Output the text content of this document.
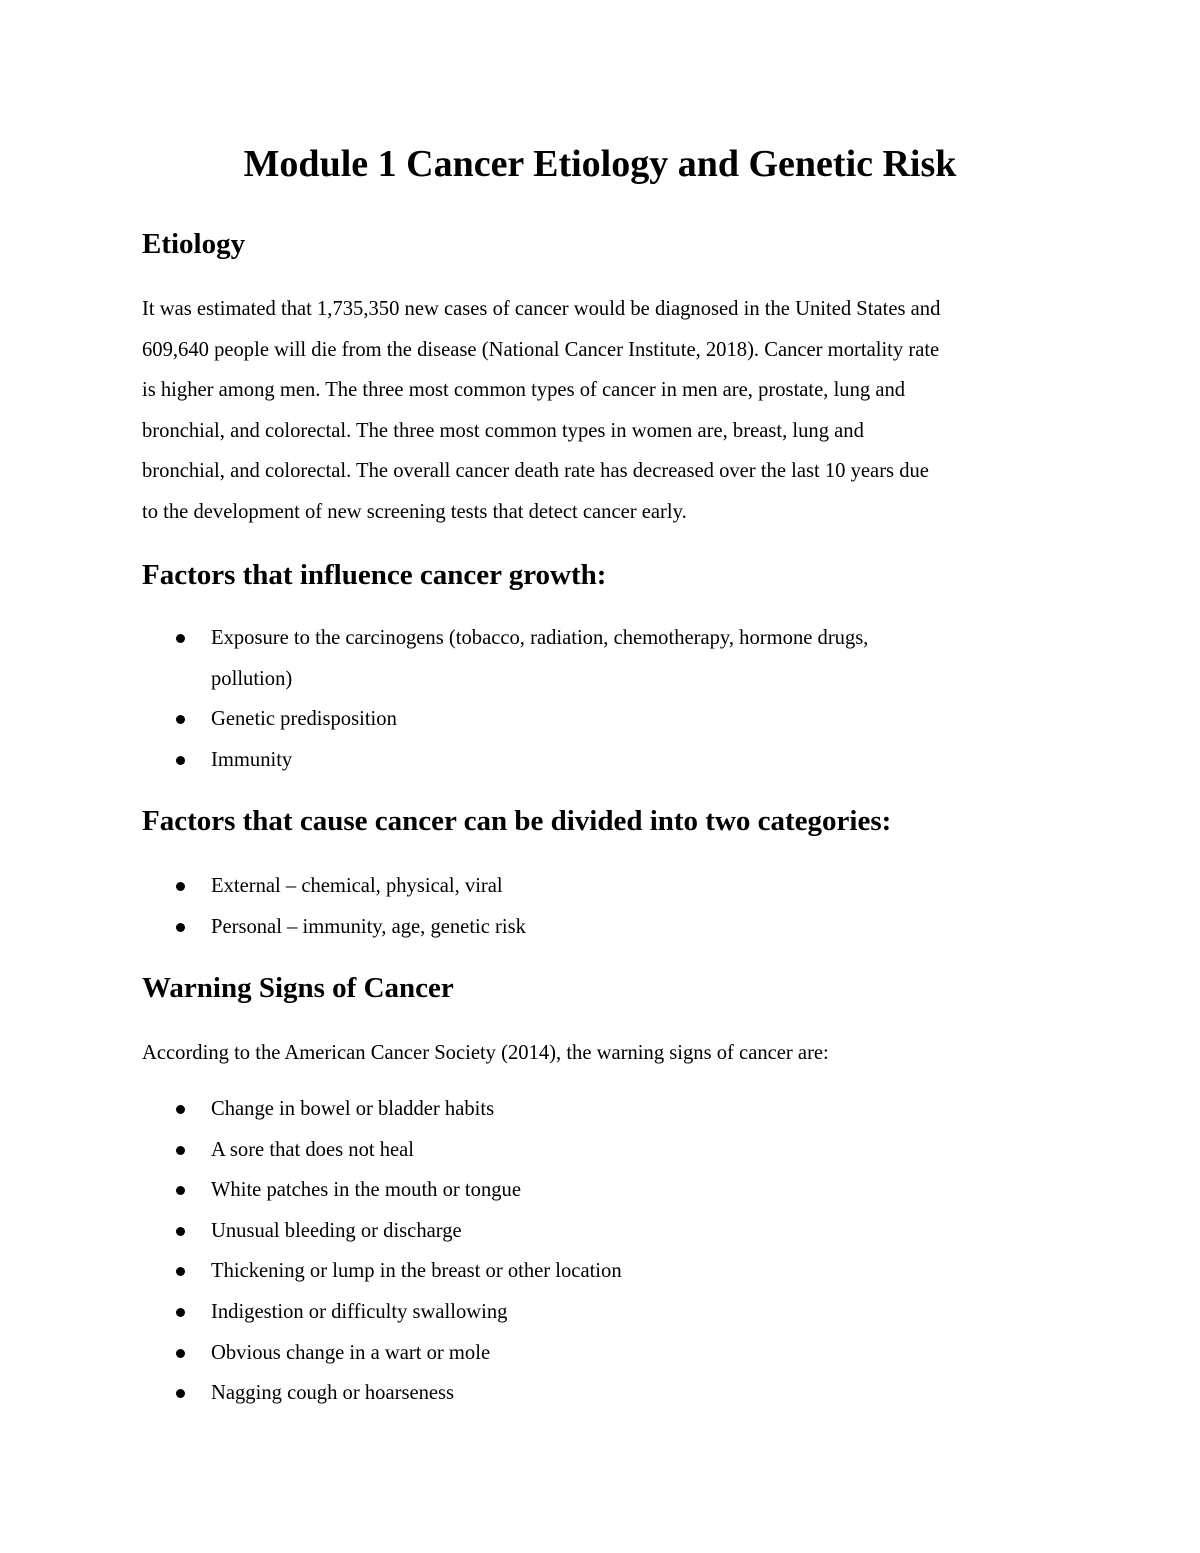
Module 1 Cancer Etiology and Genetic Risk
Etiology

It was estimated that 1,735,350 new cases of cancer would be diagnosed in the United States and
609,640 people will die from the disease (National Cancer Institute, 2018). Cancer mortality rate
is higher among men. The three most common types of cancer in men are, prostate, lung and
bronchial, and colorectal. The three most common types in women are, breast, lung and
bronchial, and colorectal. The overall cancer death rate has decreased over the last 10 years due
to the development of new screening tests that detect cancer early.

Factors that influence cancer growth:
Exposure to the carcinogens (tobacco, radiation, chemotherapy, hormone drugs,
pollution)
Genetic predisposition
Immunity
Factors that cause cancer can be divided into two categories:
External – chemical, physical, viral
Personal – immunity, age, genetic risk
Warning Signs of Cancer

According to the American Cancer Society (2014), the warning signs of cancer are:

Change in bowel or bladder habits
A sore that does not heal
White patches in the mouth or tongue
Unusual bleeding or discharge
Thickening or lump in the breast or other location
Indigestion or difficulty swallowing
Obvious change in a wart or mole
Nagging cough or hoarseness
